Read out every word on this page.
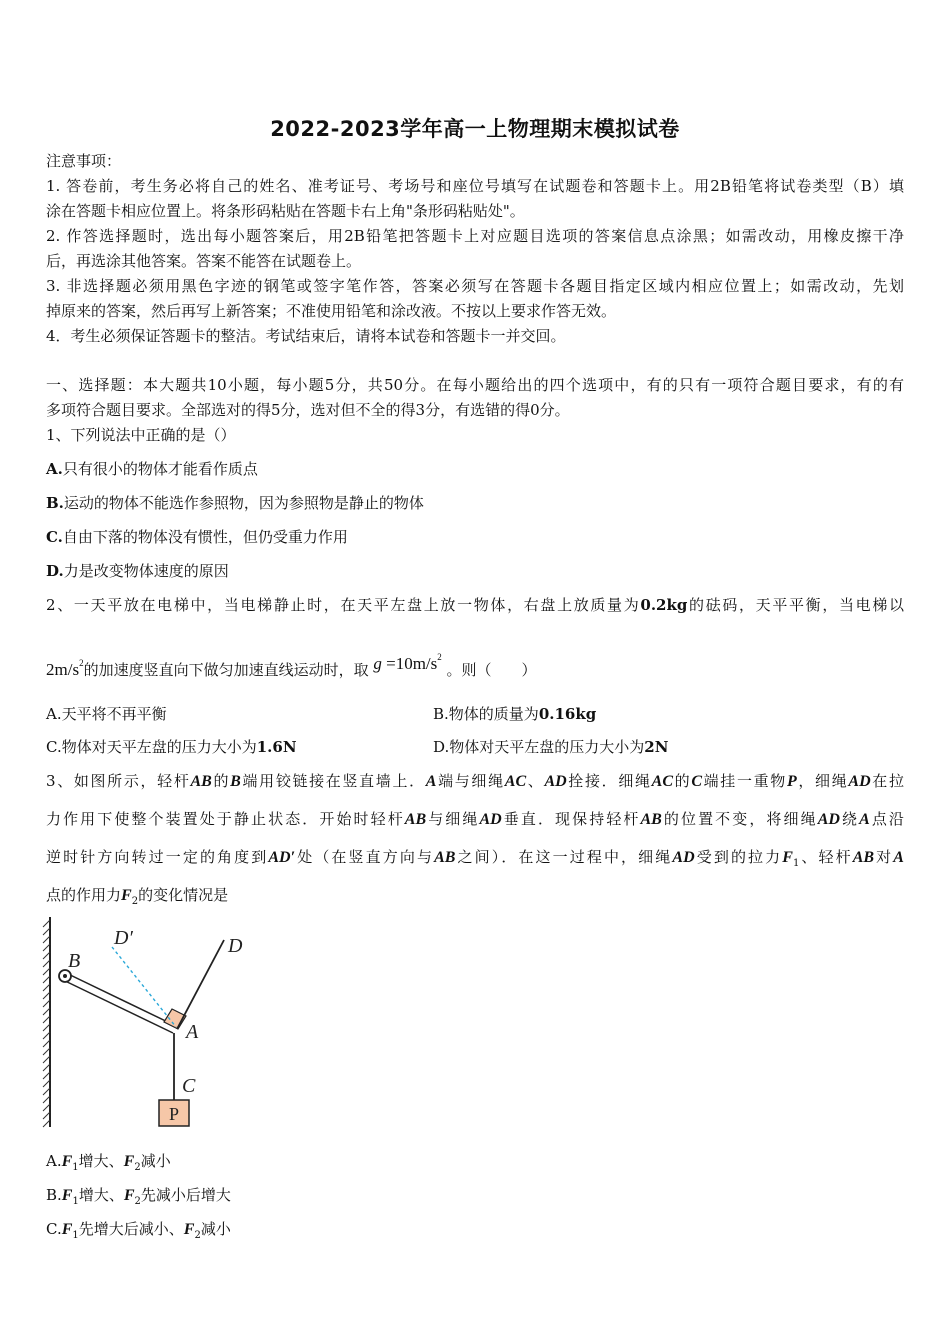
2022-2023学年高一上物理期末模拟试卷
注意事项：
1. 答卷前，考生务必将自己的姓名、准考证号、考场号和座位号填写在试题卷和答题卡上。用2B铅笔将试卷类型（B）填
涂在答题卡相应位置上。将条形码粘贴在答题卡右上角"条形码粘贴处"。
2. 作答选择题时，选出每小题答案后，用2B铅笔把答题卡上对应题目选项的答案信息点涂黑；如需改动，用橡皮擦干净
后，再选涂其他答案。答案不能答在试题卷上。
3. 非选择题必须用黑色字迹的钢笔或签字笔作答，答案必须写在答题卡各题目指定区域内相应位置上；如需改动，先划
掉原来的答案，然后再写上新答案；不准使用铅笔和涂改液。不按以上要求作答无效。
4．考生必须保证答题卡的整洁。考试结束后，请将本试卷和答题卡一并交回。
一、选择题：本大题共10小题，每小题5分，共50分。在每小题给出的四个选项中，有的只有一项符合题目要求，有的有
多项符合题目要求。全部选对的得5分，选对但不全的得3分，有选错的得0分。
1、下列说法中正确的是（）
A.只有很小的物体才能看作质点
B.运动的物体不能选作参照物，因为参照物是静止的物体
C.自由下落的物体没有惯性，但仍受重力作用
D.力是改变物体速度的原因
2、一天平放在电梯中，当电梯静止时，在天平左盘上放一物体，右盘上放质量为0.2kg的砝码，天平平衡，当电梯以
$2m/s^2$的加速度竖直向下做匀加速直线运动时，取 $g =10m/s^2$ 。则（　　）
A.天平将不再平衡	B.物体的质量为0.16kg
C.物体对天平左盘的压力大小为1.6N	D.物体对天平左盘的压力大小为2N
3、如图所示，轻杆AB的B端用铰链接在竖直墙上．A端与细绳AC、AD拴接．细绳AC的C端挂一重物P，细绳AD在拉
力作用下使整个装置处于静止状态．开始时轻杆AB与细绳AD垂直．现保持轻杆AB的位置不变，将细绳AD绕A点沿
逆时针方向转过一定的角度到AD′处（在竖直方向与AB之间）．在这一过程中，细绳AD受到的拉力$F_1$、轻杆AB对A
点的作用力$F_2$的变化情况是
P
D′	D
B
A
C
$A.F_1$增大、$F_2$减小
$B.F_1$增大、$F_2$先减小后增大
$C.F_1$先增大后减小、$F_2$减小
